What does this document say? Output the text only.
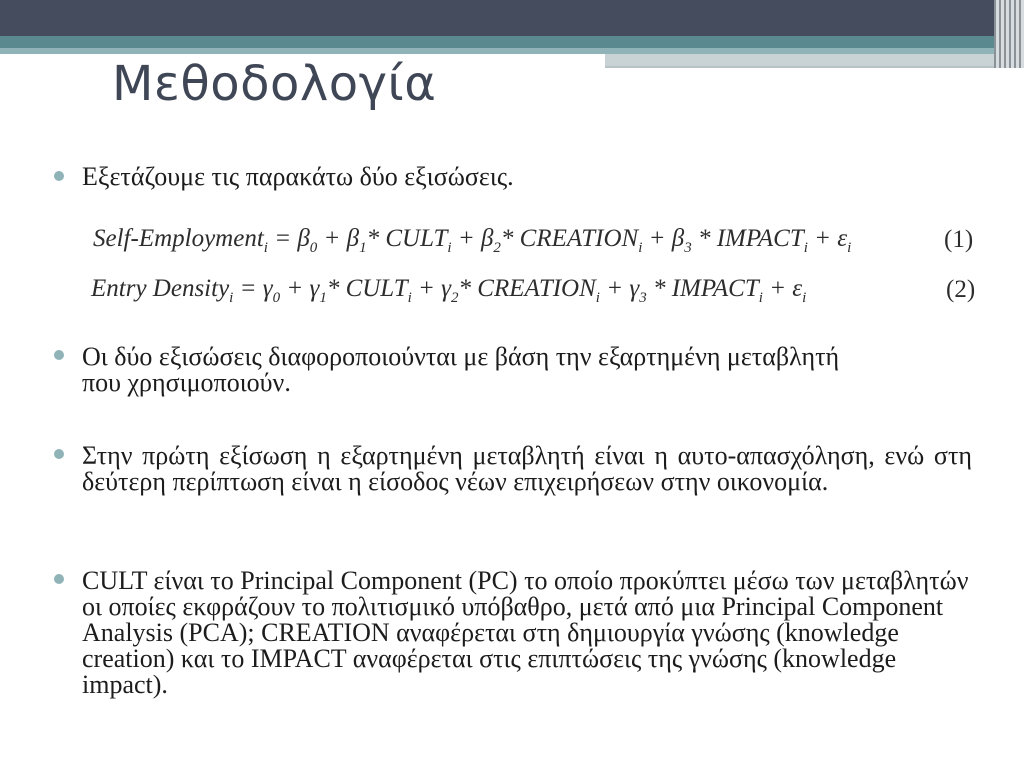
Μεθοδολογία
Εξετάζουμε τις παρακάτω δύο εξισώσεις.
Self-Employment$_i$ = $\beta_0 + \beta_1*$ $CULT_i + \beta_2*$ $CREATION_i + \beta_3$ * $IMPACT_i + \varepsilon_i$	(1)
Entry Density$_i$ = $\gamma_0 + \gamma_1*$ $CULT_i + \gamma_2*$ $CREATION_i + \gamma_3$ * $IMPACT_i + \varepsilon_i$	(2)
Οι δύο εξισώσεις διαφοροποιούνται με βάση την εξαρτημένη μεταβλητή που χρησιμοποιούν.
Στην πρώτη εξίσωση η εξαρτημένη μεταβλητή είναι η αυτο-απασχόληση, ενώ στη δεύτερη περίπτωση είναι η είσοδος νέων επιχειρήσεων στην οικονομία.
CULT είναι το Principal Component (PC) το οποίο προκύπτει μέσω των μεταβλητών οι οποίες εκφράζουν το πολιτισμικό υπόβαθρο, μετά από μια Principal Component Analysis (PCA); CREATION αναφέρεται στη δημιουργία γνώσης (knowledge creation) και το IMPACT αναφέρεται στις επιπτώσεις της γνώσης (knowledge impact).
